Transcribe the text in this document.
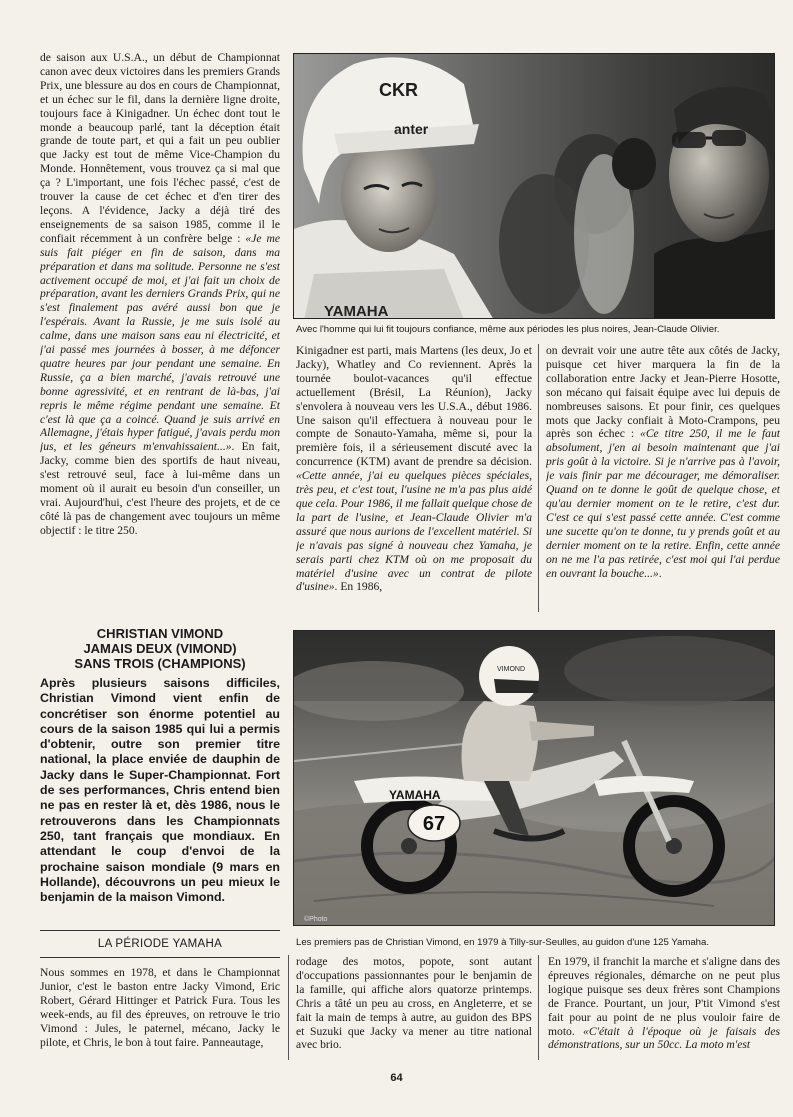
de saison aux U.S.A., un début de Championnat canon avec deux victoires dans les premiers Grands Prix, une blessure au dos en cours de Championnat, et un échec sur le fil, dans la dernière ligne droite, toujours face à Kinigadner. Un échec dont tout le monde a beaucoup parlé, tant la déception était grande de toute part, et qui a fait un peu oublier que Jacky est tout de même Vice-Champion du Monde. Honnêtement, vous trouvez ça si mal que ça ? L'important, une fois l'échec passé, c'est de trouver la cause de cet échec et d'en tirer des leçons. A l'évidence, Jacky a déjà tiré des enseignements de sa saison 1985, comme il le confiait récemment à un confrère belge : «Je me suis fait piéger en fin de saison, dans ma préparation et dans ma solitude. Personne ne s'est activement occupé de moi, et j'ai fait un choix de préparation, avant les derniers Grands Prix, qui ne s'est finalement pas avéré aussi bon que je l'espérais. Avant la Russie, je me suis isolé au calme, dans une maison sans eau ni électricité, et j'ai passé mes journées à bosser, à me défoncer quatre heures par jour pendant une semaine. En Russie, ça a bien marché, j'avais retrouvé une bonne agressivité, et en rentrant de là-bas, j'ai repris le même régime pendant une semaine. Et c'est là que ça a coincé. Quand je suis arrivé en Allemagne, j'étais hyper fatigué, j'avais perdu mon jus, et les géneurs m'envahissaient...». En fait, Jacky, comme bien des sportifs de haut niveau, s'est retrouvé seul, face à lui-même dans un moment où il aurait eu besoin d'un conseiller, un vrai. Aujourd'hui, c'est l'heure des projets, et de ce côté là pas de changement avec toujours un même objectif : le titre 250.

YAMAHA
CKR
anter
Avec l'homme qui lui fit toujours confiance, même aux périodes les plus noires, Jean-Claude Olivier.

Kinigadner est parti, mais Martens (les deux, Jo et Jacky), Whatley and Co reviennent. Après la tournée boulot-vacances qu'il effectue actuellement (Brésil, La Réunion), Jacky s'envolera à nouveau vers les U.S.A., début 1986. Une saison qu'il effectuera à nouveau pour le compte de Sonauto-Yamaha, même si, pour la première fois, il a sérieusement discuté avec la concurrence (KTM) avant de prendre sa décision. «Cette année, j'ai eu quelques pièces spéciales, très peu, et c'est tout, l'usine ne m'a pas plus aidé que cela. Pour 1986, il me fallait quelque chose de la part de l'usine, et Jean-Claude Olivier m'a assuré que nous aurions de l'excellent matériel. Si je n'avais pas signé à nouveau chez Yamaha, je serais parti chez KTM où on me proposait du matériel d'usine avec un contrat de pilote d'usine». En 1986,

on devrait voir une autre tête aux côtés de Jacky, puisque cet hiver marquera la fin de la collaboration entre Jacky et Jean-Pierre Hosotte, son mécano qui faisait équipe avec lui depuis de nombreuses saisons. Et pour finir, ces quelques mots que Jacky confiait à Moto-Crampons, peu après son échec : «Ce titre 250, il me le faut absolument, j'en ai besoin maintenant que j'ai pris goût à la victoire. Si je n'arrive pas à l'avoir, je vais finir par me décourager, me démoraliser. Quand on te donne le goût de quelque chose, et qu'au dernier moment on te le retire, c'est dur. C'est ce qui s'est passé cette année. C'est comme une sucette qu'on te donne, tu y prends goût et au dernier moment on te la retire. Enfin, cette année on ne me l'a pas retirée, c'est moi qui l'ai perdue en ouvrant la bouche...».

CHRISTIAN VIMOND
JAMAIS DEUX (VIMOND)
SANS TROIS (CHAMPIONS)
Après plusieurs saisons difficiles, Christian Vimond vient enfin de concrétiser son énorme potentiel au cours de la saison 1985 qui lui a permis d'obtenir, outre son premier titre national, la place enviée de dauphin de Jacky dans le Super-Championnat. Fort de ses performances, Chris entend bien ne pas en rester là et, dès 1986, nous le retrouverons dans les Championnats 250, tant français que mondiaux. En attendant le coup d'envoi de la prochaine saison mondiale (9 mars en Hollande), découvrons un peu mieux le benjamin de la maison Vimond.
LA PÉRIODE YAMAHA
YAMAHA
67
VIMOND
©Photo
Les premiers pas de Christian Vimond, en 1979 à Tilly-sur-Seulles, au guidon d'une 125 Yamaha.

Nous sommes en 1978, et dans le Championnat Junior, c'est le baston entre Jacky Vimond, Eric Robert, Gérard Hittinger et Patrick Fura. Tous les week-ends, au fil des épreuves, on retrouve le trio Vimond : Jules, le paternel, mécano, Jacky le pilote, et Chris, le bon à tout faire. Panneautage,

rodage des motos, popote, sont autant d'occupations passionnantes pour le benjamin de la famille, qui affiche alors quatorze printemps. Chris a tâté un peu au cross, en Angleterre, et se fait la main de temps à autre, au guidon des BPS et Suzuki que Jacky va mener au titre national avec brio.

En 1979, il franchit la marche et s'aligne dans des épreuves régionales, démarche on ne peut plus logique puisque ses deux frères sont Champions de France. Pourtant, un jour, P'tit Vimond s'est fait pour au point de ne plus vouloir faire de moto. «C'était à l'époque où je faisais des démonstrations, sur un 50cc. La moto m'est

64
